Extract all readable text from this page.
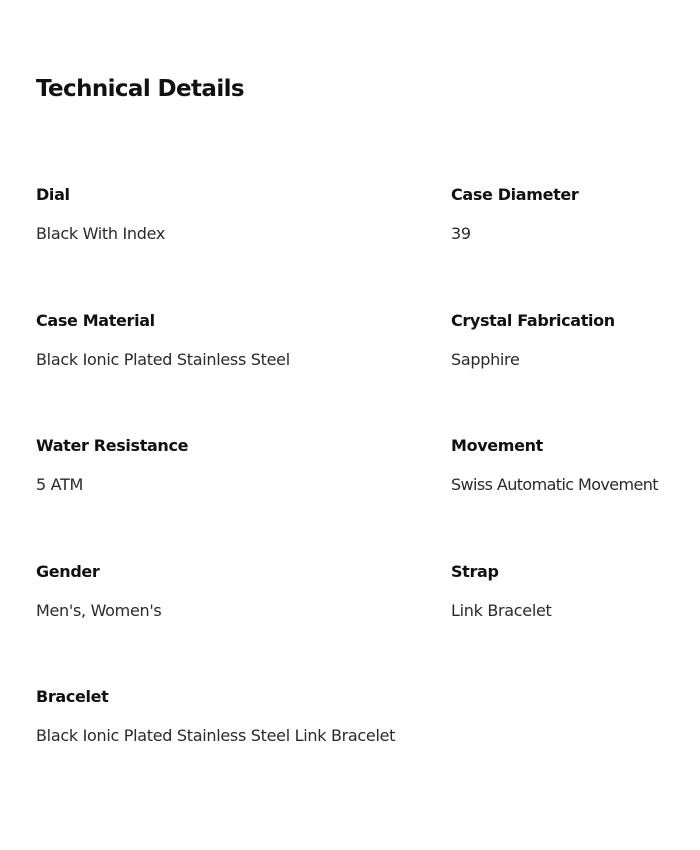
Technical Details
Dial
Black With Index
Case Diameter
39
Case Material
Black Ionic Plated Stainless Steel
Crystal Fabrication
Sapphire
Water Resistance
5 ATM
Movement
Swiss Automatic Movement
Gender
Men's, Women's
Strap
Link Bracelet
Bracelet
Black Ionic Plated Stainless Steel Link Bracelet
